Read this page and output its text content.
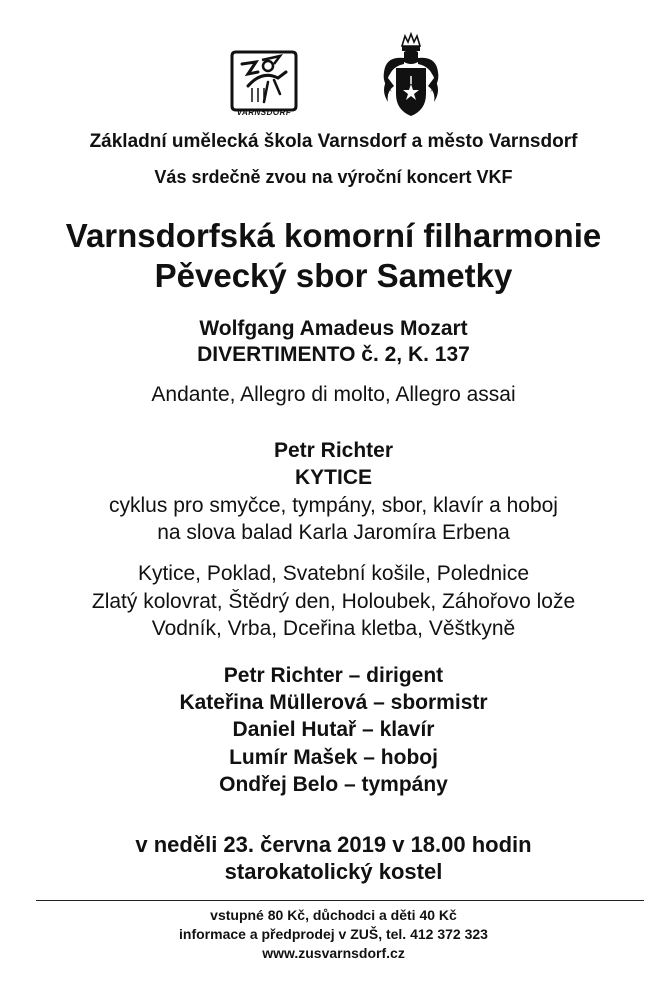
VARNSDORF
Základní umělecká škola Varnsdorf a město Varnsdorf
Vás srdečně zvou na výroční koncert VKF
Varnsdorfská komorní filharmonie
Pěvecký sbor Sametky
Wolfgang Amadeus Mozart
DIVERTIMENTO č. 2, K. 137
Andante, Allegro di molto, Allegro assai
Petr Richter
KYTICE
cyklus pro smyčce, tympány, sbor, klavír a hoboj
na slova balad Karla Jaromíra Erbena
Kytice, Poklad, Svatební košile, Polednice
Zlatý kolovrat, Štědrý den, Holoubek, Záhořovo lože
Vodník, Vrba, Dceřina kletba, Věštkyně
Petr Richter – dirigent
Kateřina Müllerová – sbormistr
Daniel Hutař – klavír
Lumír Mašek – hoboj
Ondřej Belo – tympány
v neděli 23. června 2019 v 18.00 hodin
starokatolický kostel
vstupné 80 Kč, důchodci a děti 40 Kč
informace a předprodej v ZUŠ, tel. 412 372 323
www.zusvarnsdorf.cz
